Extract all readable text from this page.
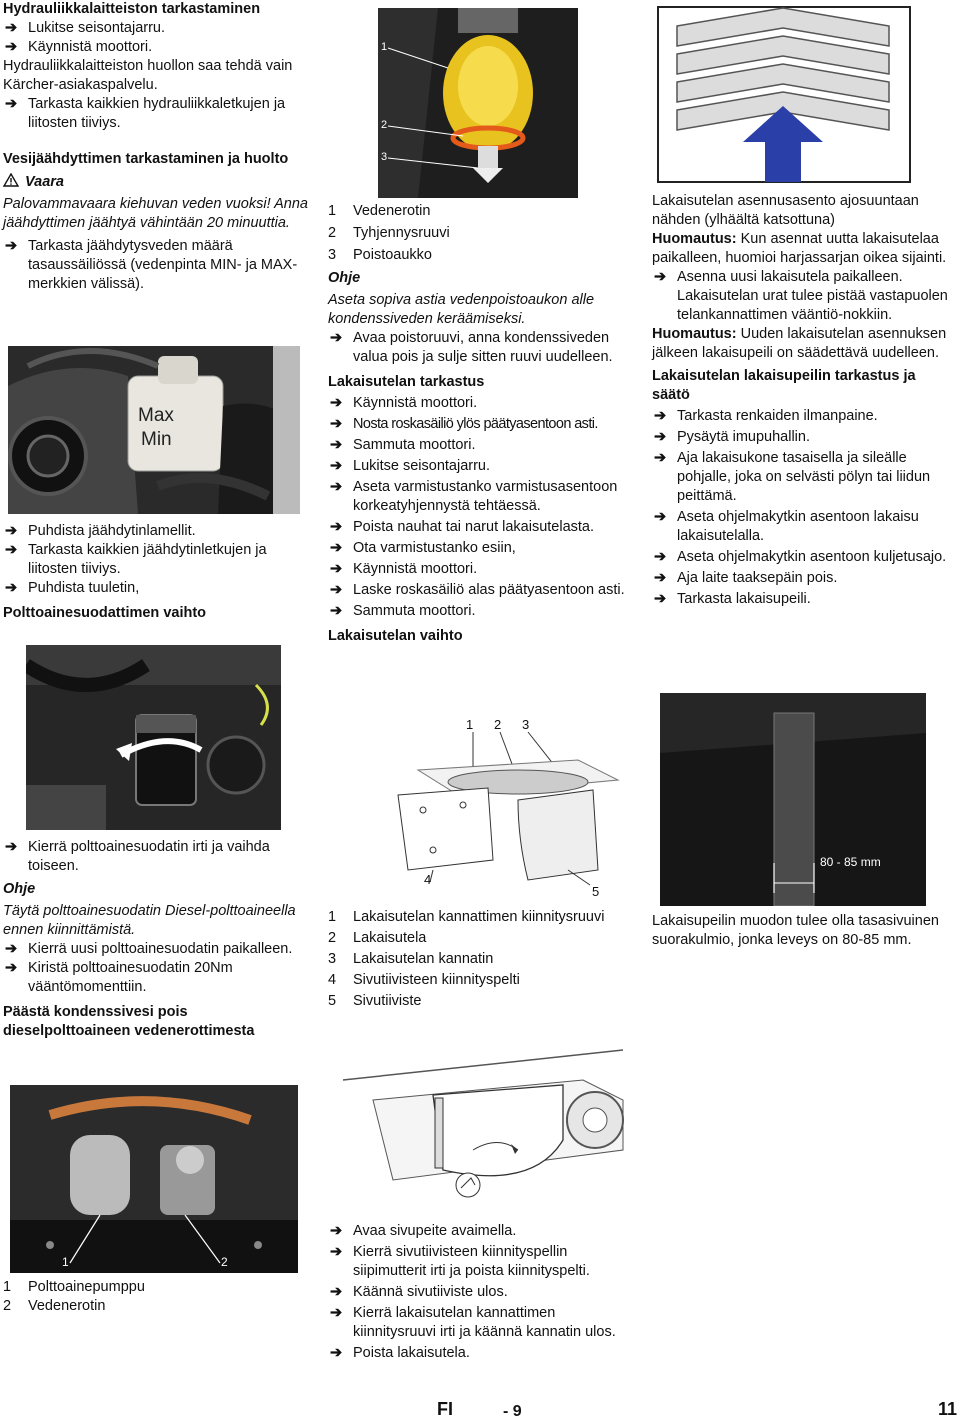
Hydrauliikkalaitteiston tarkastaminen

➔ Lukitse seisontajarru.

➔ Käynnistä moottori.

Hydrauliikkalaitteiston huollon saa tehdä vain Kärcher-asiakaspalvelu.

➔ Tarkasta kaikkien hydrauliikkaletkujen ja liitosten tiiviys.

Vesijäähdyttimen tarkastaminen ja huolto

Vaara

Palovammavaara kiehuvan veden vuoksi! Anna jäähdyttimen jäähtyä vähintään 20 minuuttia.

➔ Tarkasta jäähdytysveden määrä tasaussäiliössä (vedenpinta MIN- ja MAX-merkkien välissä).

Max
Min

➔ Puhdista jäähdytinlamellit.

➔ Tarkasta kaikkien jäähdytinletkujen ja liitosten tiiviys.

➔ Puhdista tuuletin,

Polttoainesuodattimen vaihto

➔ Kierrä polttoainesuodatin irti ja vaihda toiseen.

Ohje

Täytä polttoainesuodatin Diesel-polttoaineella ennen kiinnittämistä.

➔ Kierrä uusi polttoainesuodatin paikalleen.

➔ Kiristä polttoainesuodatin 20Nm vääntömomenttiin.

Päästä kondenssivesi pois dieselpolttoaineen vedenerottimesta

1	2

1	Polttoainepumppu

2	Vedenerotin

1
2
3

1	Vedenerotin

2	Tyhjennysruuvi

3	Poistoaukko

Ohje

Aseta sopiva astia vedenpoistoaukon alle kondenssiveden keräämiseksi.

➔ Avaa poistoruuvi, anna kondenssiveden valua pois ja sulje sitten ruuvi uudelleen.

Lakaisutelan tarkastus

➔ Käynnistä moottori.

➔ Nosta roskasäiliö ylös päätyasentoon asti.

➔ Sammuta moottori.

➔ Lukitse seisontajarru.

➔ Aseta varmistustanko varmistusasentoon korkeatyhjennystä tehtäessä.

➔ Poista nauhat tai narut lakaisutelasta.

➔ Ota varmistustanko esiin,

➔ Käynnistä moottori.

➔ Laske roskasäiliö alas päätyasentoon asti.

➔ Sammuta moottori.

Lakaisutelan vaihto

1 2 3
4
5

1	Lakaisutelan kannattimen kiinnitysruuvi

2	Lakaisutela

3	Lakaisutelan kannatin

4	Sivutiivisteen kiinnityspelti

5	Sivutiiviste

➔ Avaa sivupeite avaimella.

➔ Kierrä sivutiivisteen kiinnityspellin siipimutterit irti ja poista kiinnityspelti.

➔ Käännä sivutiiviste ulos.

➔ Kierrä lakaisutelan kannattimen kiinnitysruuvi irti ja käännä kannatin ulos.

➔ Poista lakaisutela.

Lakaisutelan asennusasento ajosuuntaan nähden (ylhäältä katsottuna)

Huomautus: Kun asennat uutta lakaisutelaa paikalleen, huomioi harjassarjan oikea sijainti.

➔ Asenna uusi lakaisutela paikalleen. Lakaisutelan urat tulee pistää vastapuolen telankannattimen vääntiö-nokkiin.

Huomautus: Uuden lakaisutelan asennuksen jälkeen lakaisupeili on säädettävä uudelleen.

Lakaisutelan lakaisupeilin tarkastus ja säätö

➔ Tarkasta renkaiden ilmanpaine.

➔ Pysäytä imupuhallin.

➔ Aja lakaisukone tasaisella ja sileälle pohjalle, joka on selvästi pölyn tai liidun peittämä.

➔ Aseta ohjelmakytkin asentoon lakaisu lakaisutelalla.

➔ Aseta ohjelmakytkin asentoon kuljetusajo.

➔ Aja laite taaksepäin pois.

➔ Tarkasta lakaisupeili.

80 - 85 mm

Lakaisupeilin muodon tulee olla tasasivuinen suorakulmio, jonka leveys on 80-85 mm.

FI	- 9	11
